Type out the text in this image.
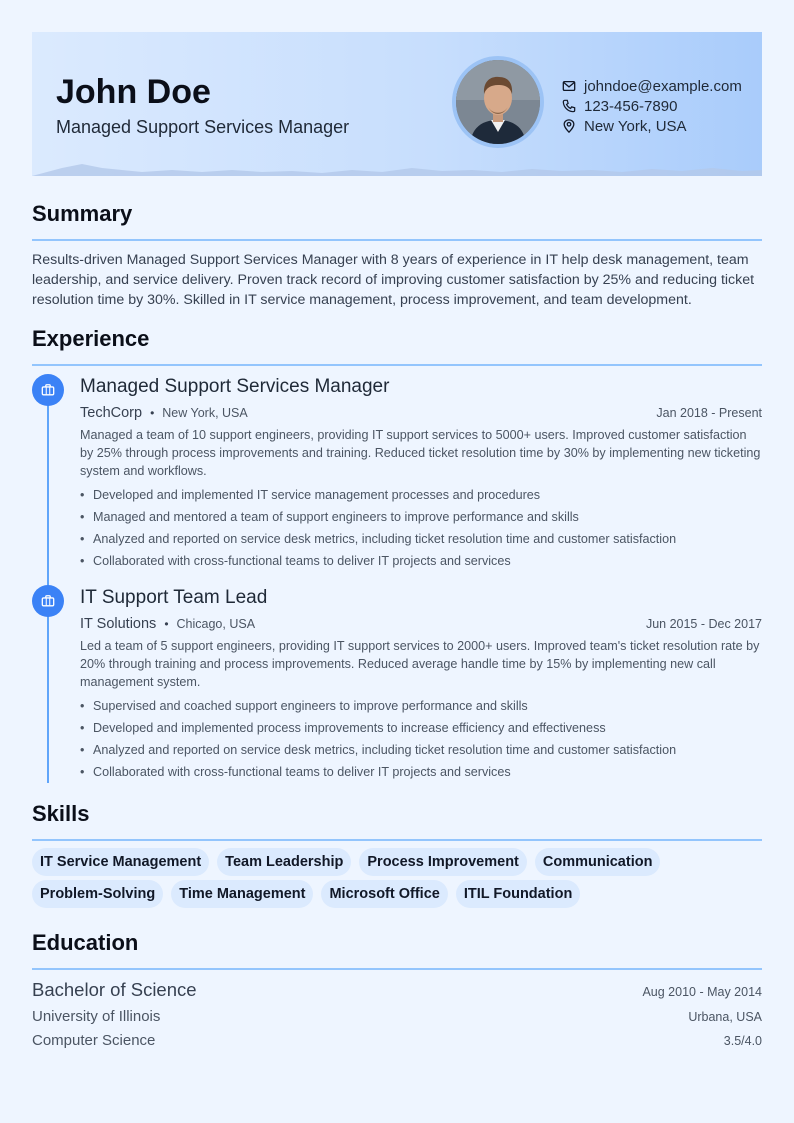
John Doe
Managed Support Services Manager
johndoe@example.com
123-456-7890
New York, USA
Summary

Results-driven Managed Support Services Manager with 8 years of experience in IT help desk management, team leadership, and service delivery. Proven track record of improving customer satisfaction by 25% and reducing ticket resolution time by 30%. Skilled in IT service management, process improvement, and team development.

Experience
Managed Support Services Manager
TechCorp • New York, USA	Jan 2018 - Present

Managed a team of 10 support engineers, providing IT support services to 5000+ users. Improved customer satisfaction by 25% through process improvements and training. Reduced ticket resolution time by 30% by implementing new ticketing system and workflows.

• Developed and implemented IT service management processes and procedures
• Managed and mentored a team of support engineers to improve performance and skills
• Analyzed and reported on service desk metrics, including ticket resolution time and customer satisfaction
• Collaborated with cross-functional teams to deliver IT projects and services
IT Support Team Lead
IT Solutions • Chicago, USA	Jun 2015 - Dec 2017

Led a team of 5 support engineers, providing IT support services to 2000+ users. Improved team's ticket resolution rate by 20% through training and process improvements. Reduced average handle time by 15% by implementing new call management system.

• Supervised and coached support engineers to improve performance and skills
• Developed and implemented process improvements to increase efficiency and effectiveness
• Analyzed and reported on service desk metrics, including ticket resolution time and customer satisfaction
• Collaborated with cross-functional teams to deliver IT projects and services
Skills
IT Service Management	Team Leadership	Process Improvement	Communication
Problem-Solving	Time Management	Microsoft Office	ITIL Foundation
Education
Bachelor of Science	Aug 2010 - May 2014
University of Illinois	Urbana, USA
Computer Science	3.5/4.0
